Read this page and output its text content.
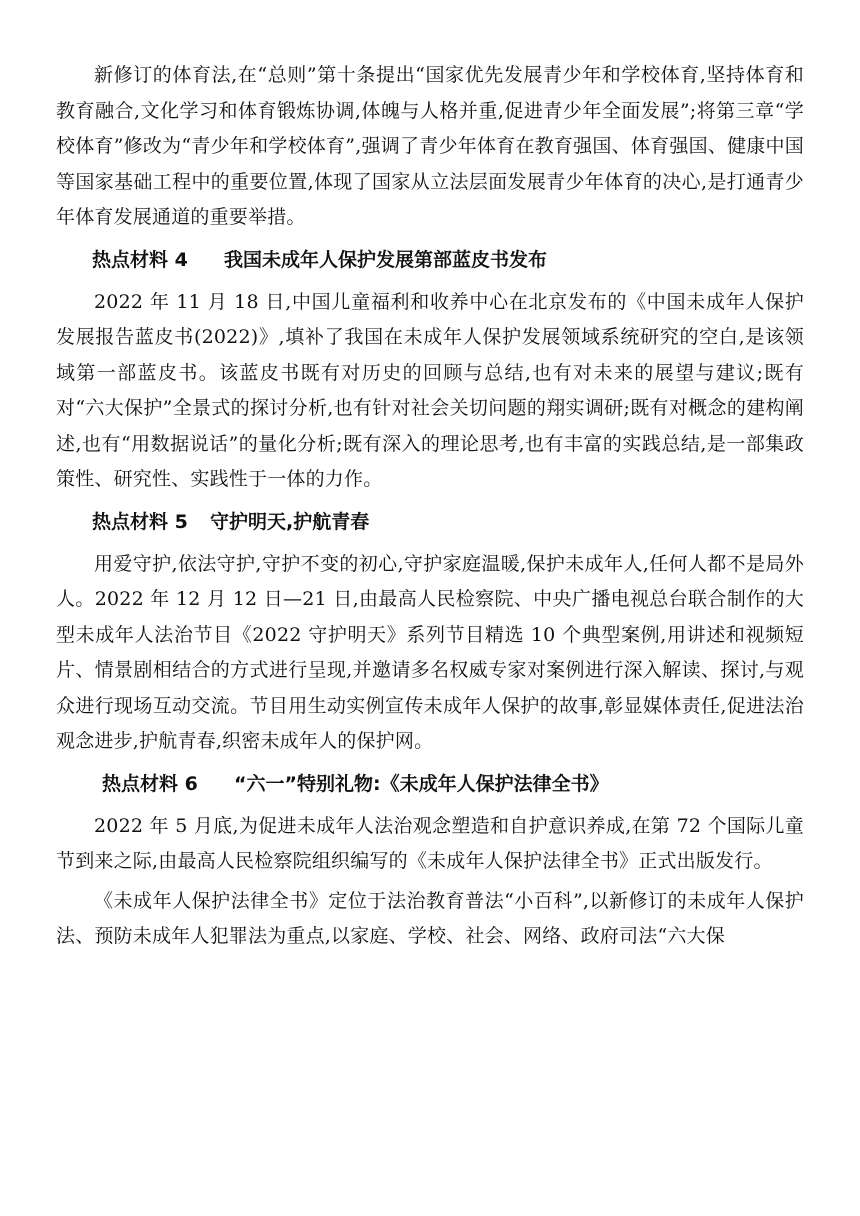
新修订的体育法,在“总则”第十条提出“国家优先发展青少年和学校体育,坚持体育和教育融合,文化学习和体育锻炼协调,体魄与人格并重,促进青少年全面发展”;将第三章“学校体育”修改为“青少年和学校体育”,强调了青少年体育在教育强国、体育强国、健康中国等国家基础工程中的重要位置,体现了国家从立法层面发展青少年体育的决心,是打通青少年体育发展通道的重要举措。

热点材料 4 我国未成年人保护发展第部蓝皮书发布

2022 年 11 月 18 日,中国儿童福利和收养中心在北京发布的《中国未成年人保护发展报告蓝皮书(2022)》,填补了我国在未成年人保护发展领域系统研究的空白,是该领域第一部蓝皮书。该蓝皮书既有对历史的回顾与总结,也有对未来的展望与建议;既有对“六大保护”全景式的探讨分析,也有针对社会关切问题的翔实调研;既有对概念的建构阐述,也有“用数据说话”的量化分析;既有深入的理论思考,也有丰富的实践总结,是一部集政策性、研究性、实践性于一体的力作。

热点材料 5 守护明天,护航青春

用爱守护,依法守护,守护不变的初心,守护家庭温暖,保护未成年人,任何人都不是局外人。2022 年 12 月 12 日—21 日,由最高人民检察院、中央广播电视总台联合制作的大型未成年人法治节目《2022 守护明天》系列节目精选 10 个典型案例,用讲述和视频短片、情景剧相结合的方式进行呈现,并邀请多名权威专家对案例进行深入解读、探讨,与观众进行现场互动交流。节目用生动实例宣传未成年人保护的故事,彰显媒体责任,促进法治观念进步,护航青春,织密未成年人的保护网。

热点材料 6 “六一”特别礼物:《未成年人保护法律全书》

2022 年 5 月底,为促进未成年人法治观念塑造和自护意识养成,在第 72 个国际儿童节到来之际,由最高人民检察院组织编写的《未成年人保护法律全书》正式出版发行。

《未成年人保护法律全书》定位于法治教育普法“小百科”,以新修订的未成年人保护法、预防未成年人犯罪法为重点,以家庭、学校、社会、网络、政府司法“六大保
